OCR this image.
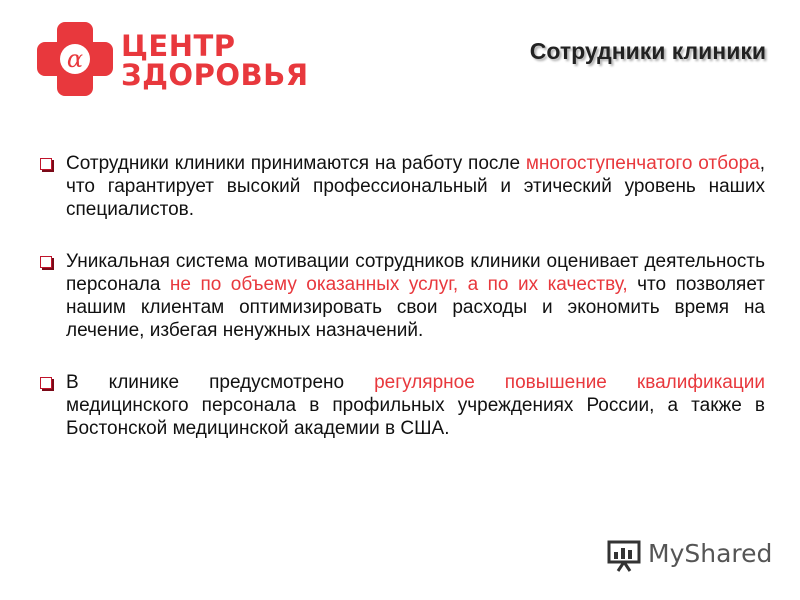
α ЦЕНТР
ЗДОРОВЬЯ
Сотрудники клиники
Сотрудники клиники принимаются на работу после многоступенчатого отбора, что гарантирует высокий профессиональный и этический уровень наших специалистов.
Уникальная система мотивации сотрудников клиники оценивает деятельность персонала не по объему оказанных услуг, а по их качеству, что позволяет нашим клиентам оптимизировать свои расходы и экономить время на лечение, избегая ненужных назначений.
В клинике предусмотрено регулярное повышение квалификации медицинского персонала в профильных учреждениях России, а также в Бостонской медицинской академии в США.
MyShared
